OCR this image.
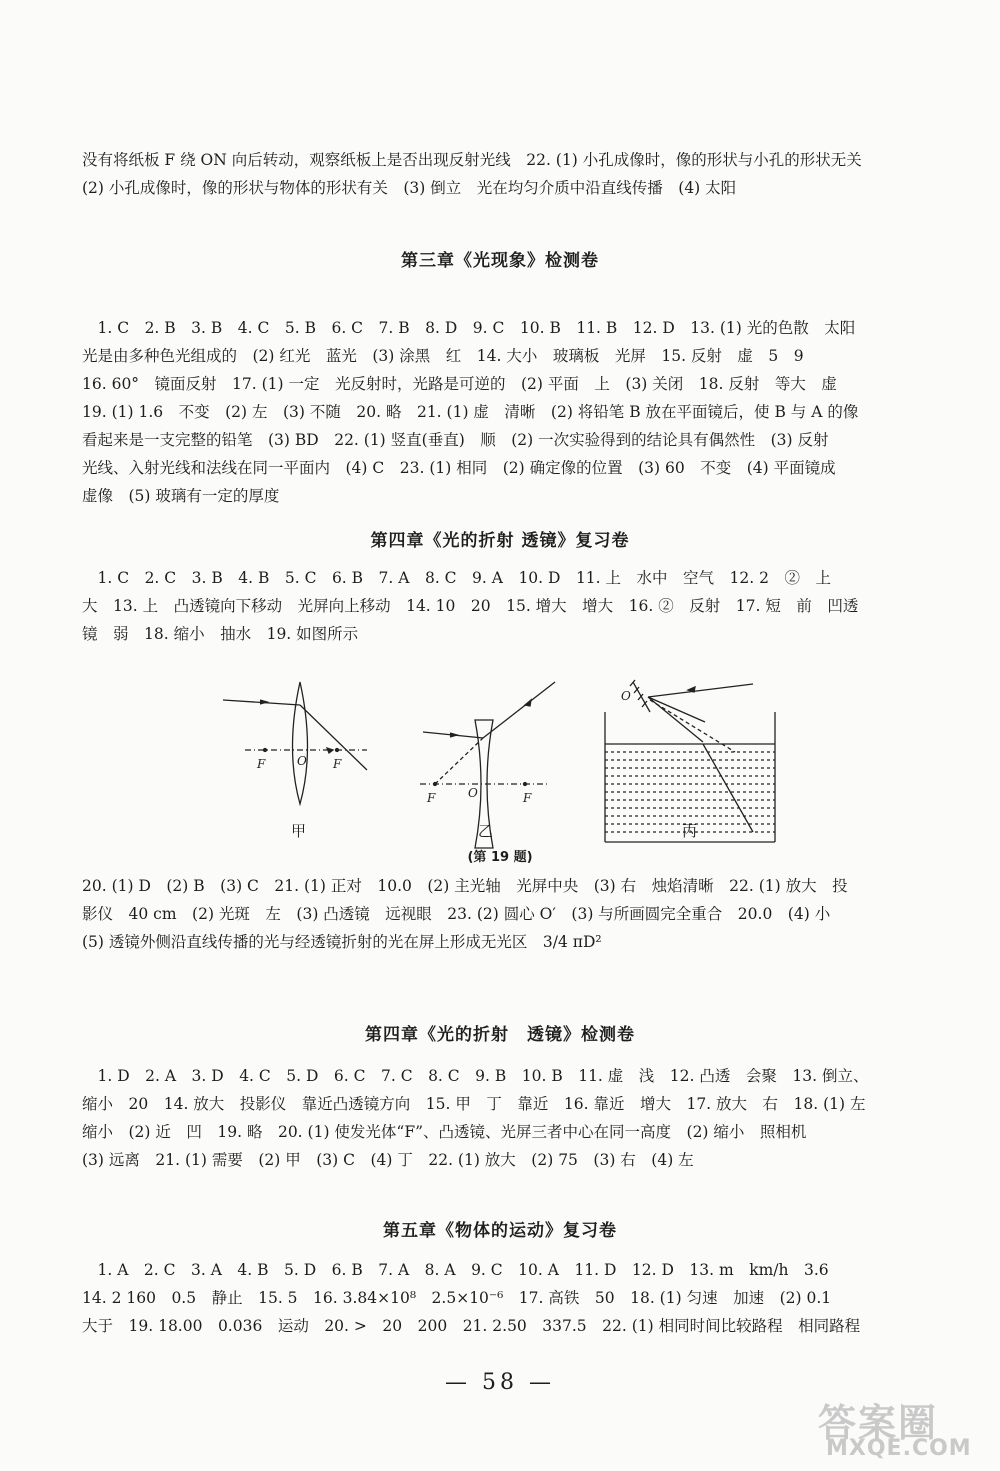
没有将纸板 F 绕 ON 向后转动，观察纸板上是否出现反射光线　22. (1) 小孔成像时，像的形状与小孔的形状无关
(2) 小孔成像时，像的形状与物体的形状有关　(3) 倒立　光在均匀介质中沿直线传播　(4) 太阳
第三章《光现象》检测卷
　1. C　2. B　3. B　4. C　5. B　6. C　7. B　8. D　9. C　10. B　11. B　12. D　13. (1) 光的色散　太阳
光是由多种色光组成的　(2) 红光　蓝光　(3) 涂黑　红　14. 大小　玻璃板　光屏　15. 反射　虚　5　9
16. 60°　镜面反射　17. (1) 一定　光反射时，光路是可逆的　(2) 平面　上　(3) 关闭　18. 反射　等大　虚
19. (1) 1.6　不变　(2) 左　(3) 不随　20. 略　21. (1) 虚　清晰　(2) 将铅笔 B 放在平面镜后，使 B 与 A 的像
看起来是一支完整的铅笔　(3) BD　22. (1) 竖直(垂直)　顺　(2) 一次实验得到的结论具有偶然性　(3) 反射
光线、入射光线和法线在同一平面内　(4) C　23. (1) 相同　(2) 确定像的位置　(3) 60　不变　(4) 平面镜成
虚像　(5) 玻璃有一定的厚度
第四章《光的折射 透镜》复习卷
　1. C　2. C　3. B　4. B　5. C　6. B　7. A　8. C　9. A　10. D　11. 上　水中　空气　12. 2　②　上
大　13. 上　凸透镜向下移动　光屏向上移动　14. 10　20　15. 增大　增大　16. ②　反射　17. 短　前　凹透
镜　弱　18. 缩小　抽水　19. 如图所示
F	O F
F	O	F
O
甲	乙	丙
(第 19 题)
20. (1) D　(2) B　(3) C　21. (1) 正对　10.0　(2) 主光轴　光屏中央　(3) 右　烛焰清晰　22. (1) 放大　投
影仪　40 cm　(2) 光斑　左　(3) 凸透镜　远视眼　23. (2) 圆心 O′　(3) 与所画圆完全重合　20.0　(4) 小
(5) 透镜外侧沿直线传播的光与经透镜折射的光在屏上形成无光区　3/4 πD²
第四章《光的折射　透镜》检测卷
　1. D　2. A　3. D　4. C　5. D　6. C　7. C　8. C　9. B　10. B　11. 虚　浅　12. 凸透　会聚　13. 倒立、
缩小　20　14. 放大　投影仪　靠近凸透镜方向　15. 甲　丁　靠近　16. 靠近　增大　17. 放大　右　18. (1) 左
缩小　(2) 近　凹　19. 略　20. (1) 使发光体“F”、凸透镜、光屏三者中心在同一高度　(2) 缩小　照相机
(3) 远离　21. (1) 需要　(2) 甲　(3) C　(4) 丁　22. (1) 放大　(2) 75　(3) 右　(4) 左
第五章《物体的运动》复习卷
　1. A　2. C　3. A　4. B　5. D　6. B　7. A　8. A　9. C　10. A　11. D　12. D　13. m　km/h　3.6
14. 2 160　0.5　静止　15. 5　16. 3.84×10⁸　2.5×10⁻⁶　17. 高铁　50　18. (1) 匀速　加速　(2) 0.1
大于　19. 18.00　0.036　运动　20. >　20　200　21. 2.50　337.5　22. (1) 相同时间比较路程　相同路程
— 58 —
答案圈
MXQE.COM
